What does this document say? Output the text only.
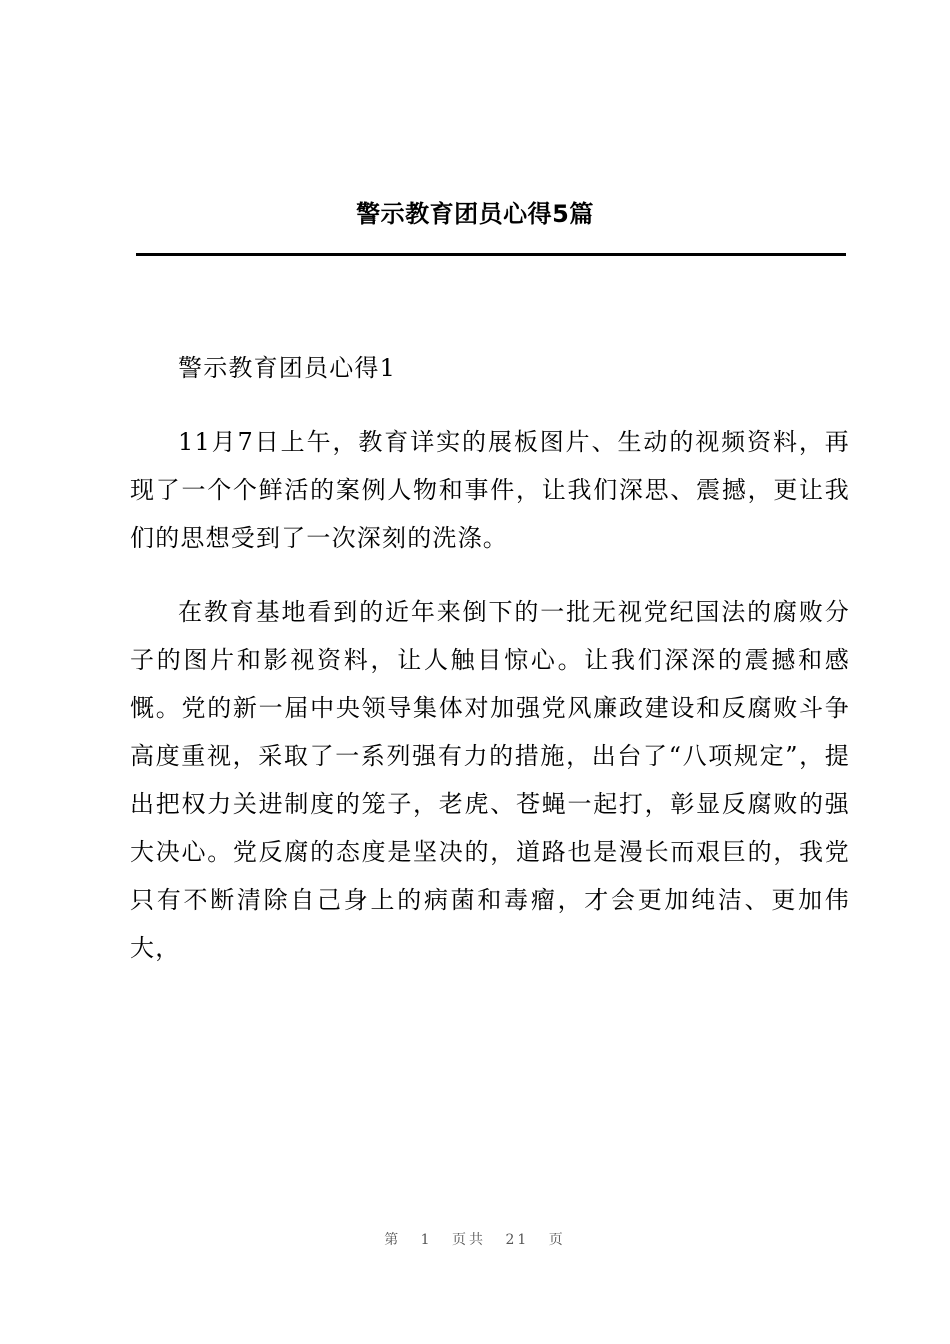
警示教育团员心得5篇

警示教育团员心得1

11月7日上午，教育详实的展板图片、生动的视频资料，再现了一个个鲜活的案例人物和事件，让我们深思、震撼，更让我们的思想受到了一次深刻的洗涤。

在教育基地看到的近年来倒下的一批无视党纪国法的腐败分子的图片和影视资料，让人触目惊心。让我们深深的震撼和感慨。党的新一届中央领导集体对加强党风廉政建设和反腐败斗争高度重视，采取了一系列强有力的措施，出台了“八项规定”，提出把权力关进制度的笼子，老虎、苍蝇一起打，彰显反腐败的强大决心。党反腐的态度是坚决的，道路也是漫长而艰巨的，我党只有不断清除自己身上的病菌和毒瘤，才会更加纯洁、更加伟大，

第 1 页共 21 页
